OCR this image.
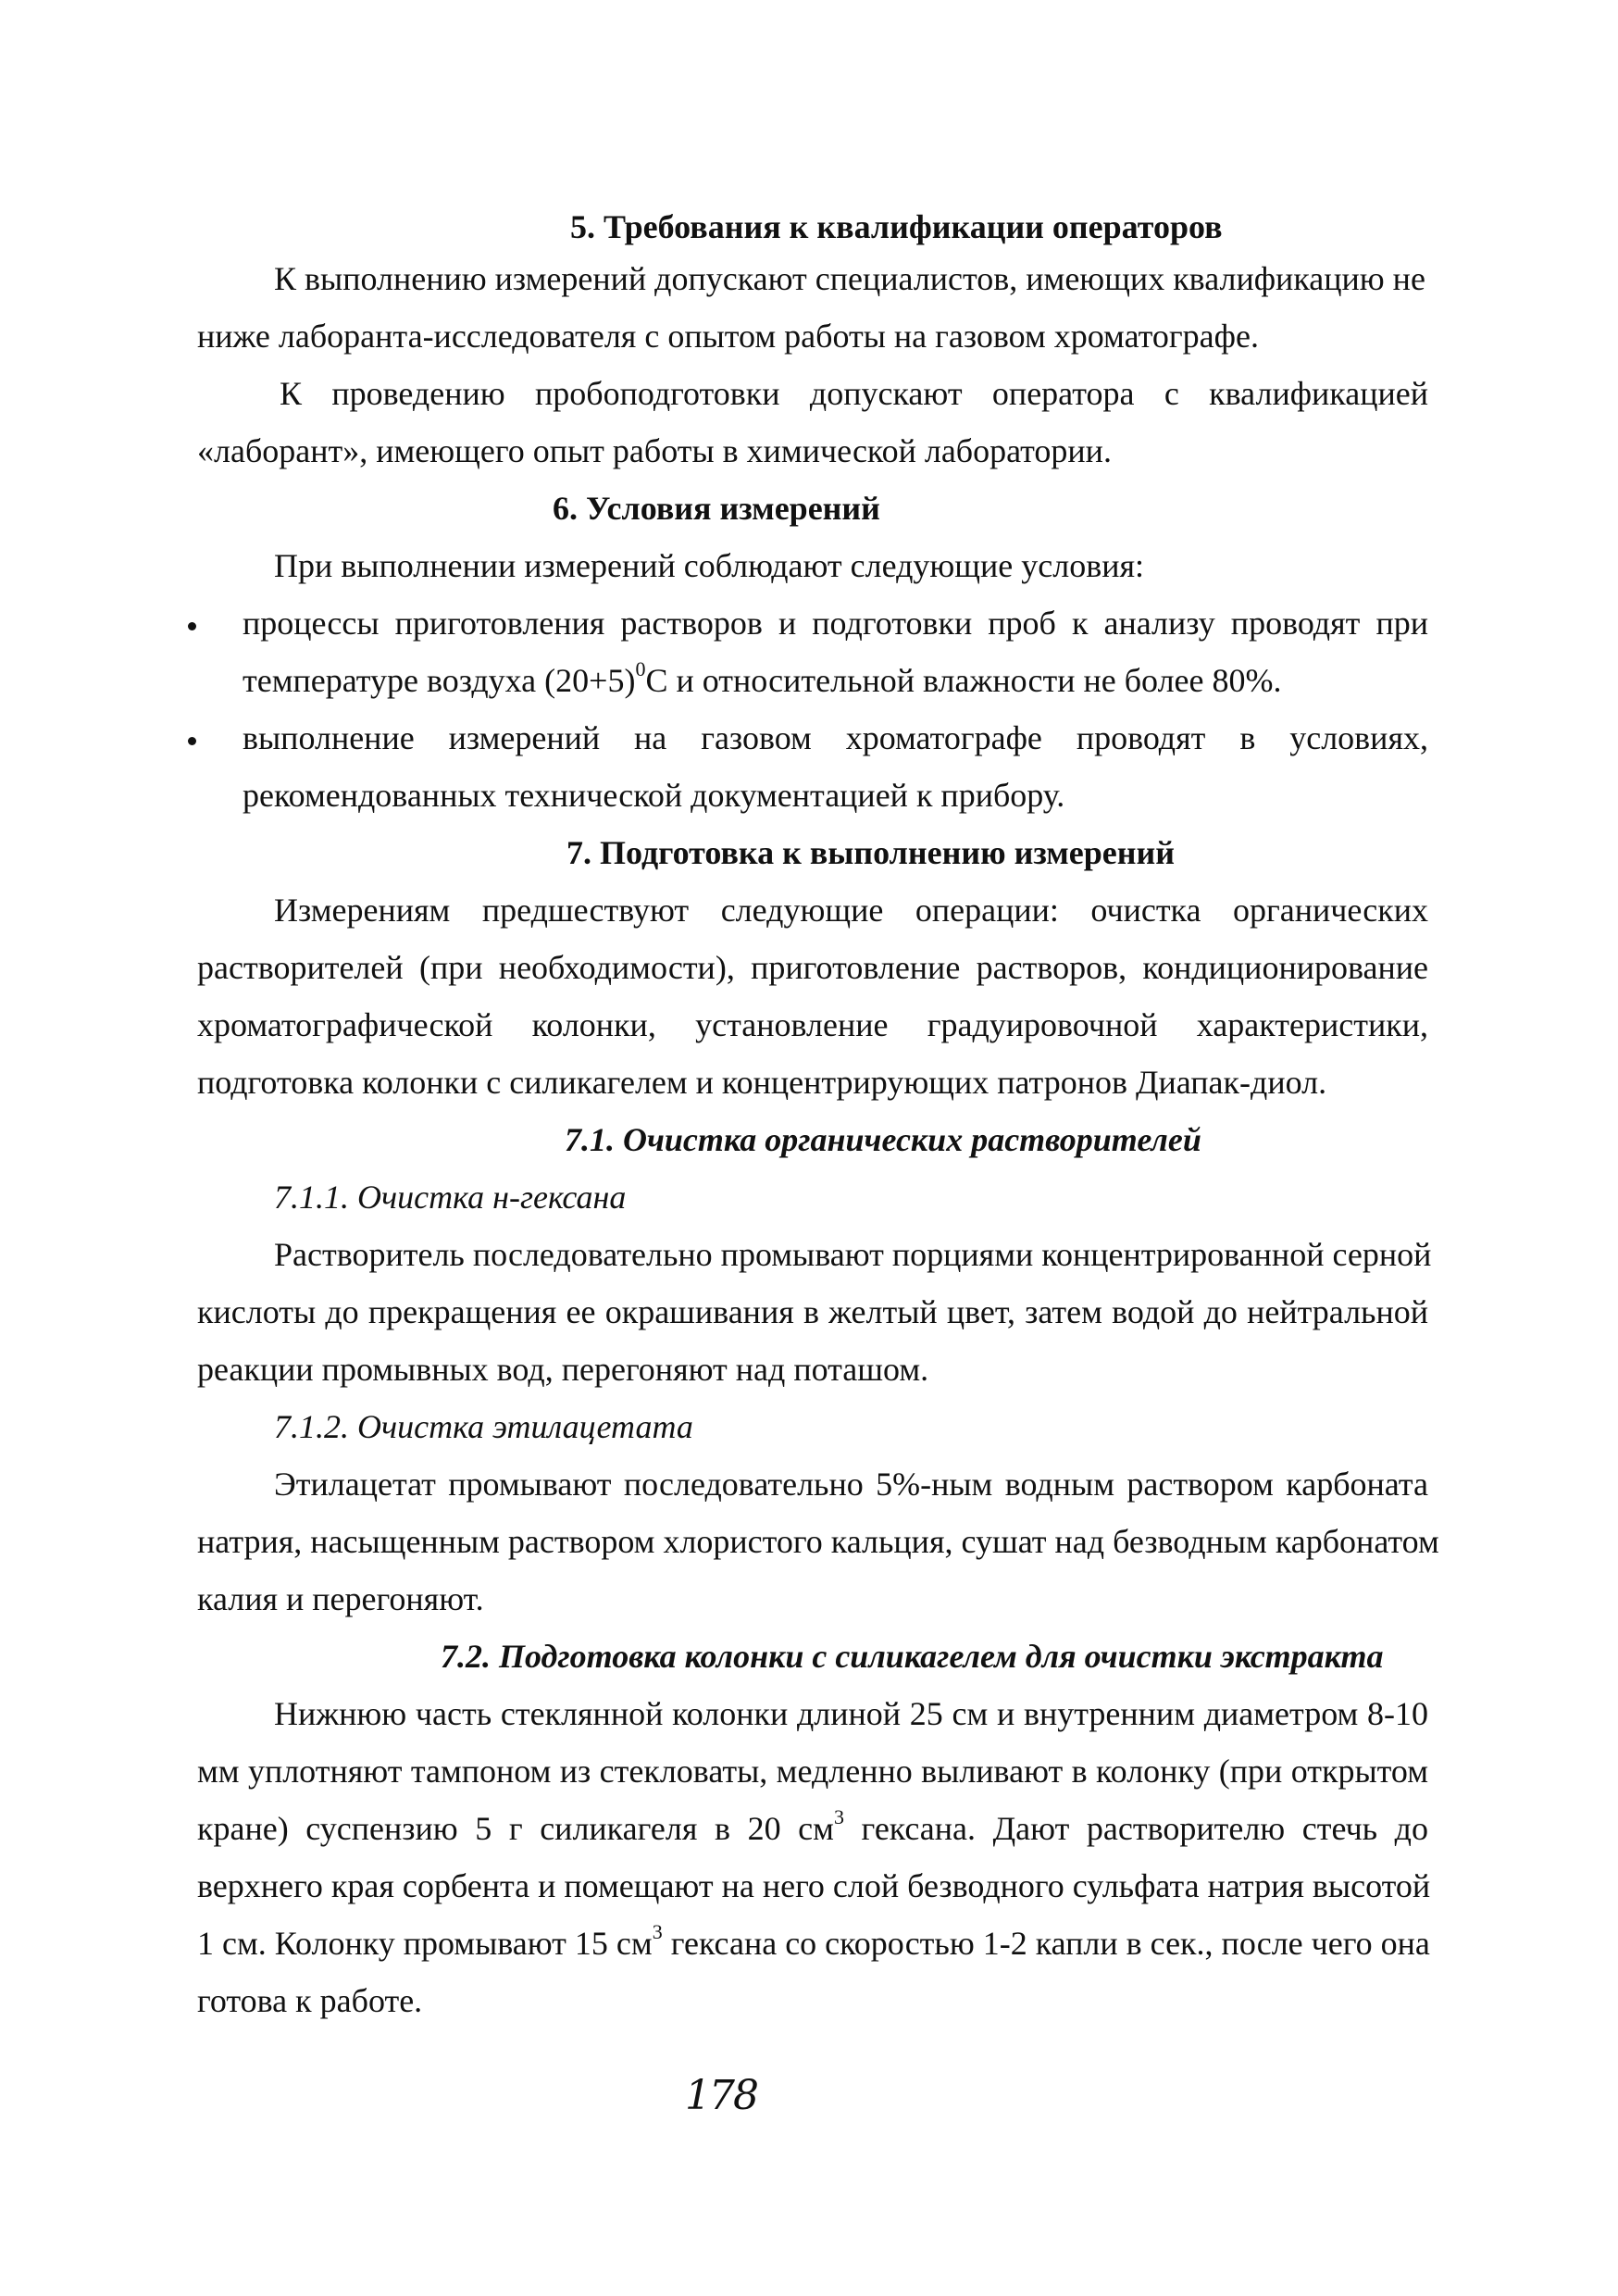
5. Требования к квалификации операторов
К выполнению измерений допускают специалистов, имеющих квалификацию не
ниже лаборанта-исследователя с опытом работы на газовом хроматографе.
К проведению пробоподготовки допускают оператора с квалификацией
«лаборант», имеющего опыт работы в химической лаборатории.
6. Условия измерений
При выполнении измерений соблюдают следующие условия:
процессы приготовления растворов и подготовки проб к анализу проводят при
температуре воздуха $(20+5)^0С$ и относительной влажности не более 80%.
выполнение измерений на газовом хроматографе проводят в условиях,
рекомендованных технической документацией к прибору.
7. Подготовка к выполнению измерений
Измерениям предшествуют следующие операции: очистка органических
растворителей (при необходимости), приготовление растворов, кондиционирование
хроматографической колонки, установление градуировочной характеристики,
подготовка колонки с силикагелем и концентрирующих патронов Диапак-диол.
7.1. Очистка органических растворителей
7.1.1. Очистка н-гексана
Растворитель последовательно промывают порциями концентрированной серной
кислоты до прекращения ее окрашивания в желтый цвет, затем водой до нейтральной
реакции промывных вод, перегоняют над поташом.
7.1.2. Очистка этилацетата
Этилацетат промывают последовательно 5%-ным водным раствором карбоната
натрия, насыщенным раствором хлористого кальция, сушат над безводным карбонатом
калия и перегоняют.
7.2. Подготовка колонки с силикагелем для очистки экстракта
Нижнюю часть стеклянной колонки длиной 25 см и внутренним диаметром 8-10
мм уплотняют тампоном из стекловаты, медленно выливают в колонку (при открытом
кране) суспензию 5 г силикагеля в 20 $см^3$ гексана. Дают растворителю стечь до
верхнего края сорбента и помещают на него слой безводного сульфата натрия высотой
1 см. Колонку промывают 15 $см^3$ гексана со скоростью 1-2 капли в сек., после чего она
готова к работе.
178
